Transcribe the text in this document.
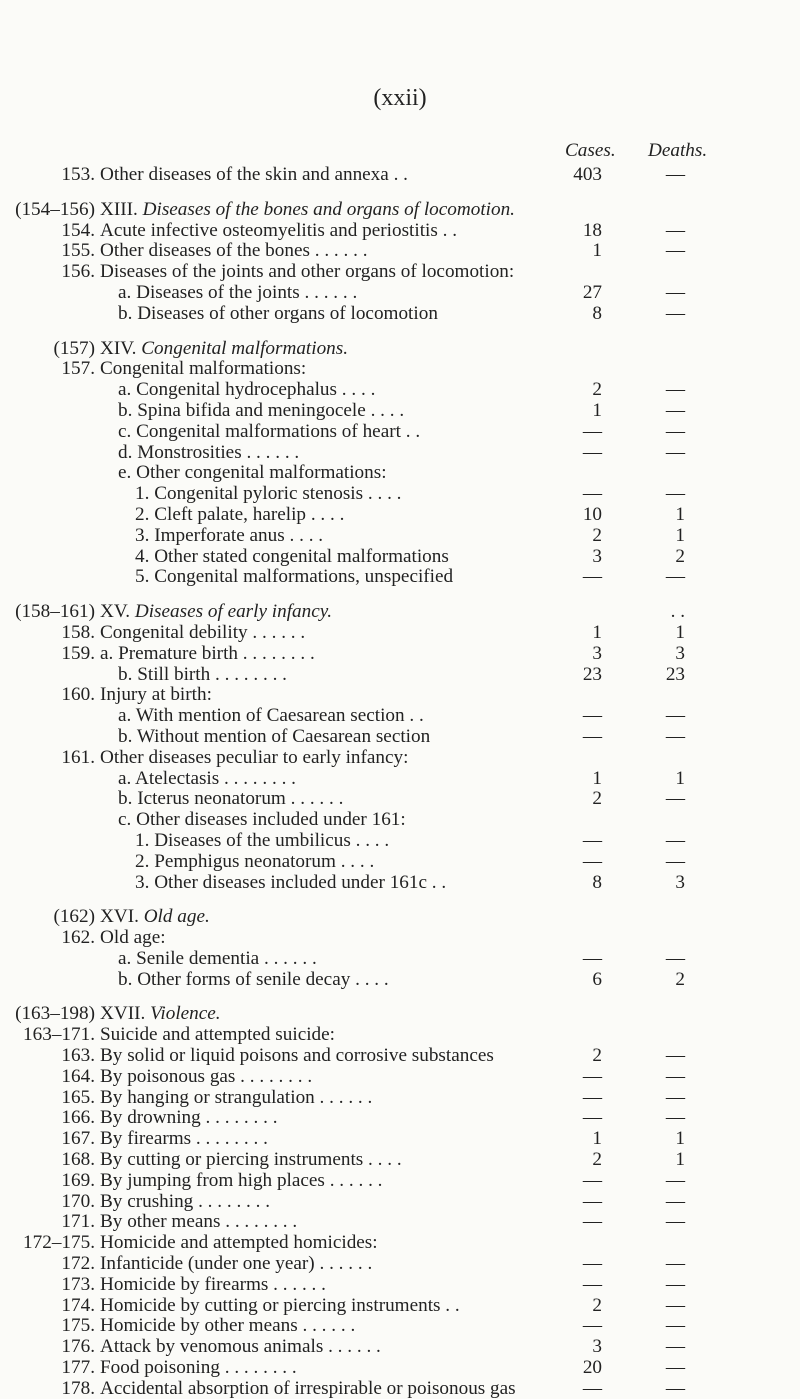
(xxii)
Cases. Deaths.
153. Other diseases of the skin and annexa . .	403	—
(154–156) XIII. Diseases of the bones and organs of locomotion.
154. Acute infective osteomyelitis and periostitis . .	18	—
155. Other diseases of the bones . . . . . .	1	—
156. Diseases of the joints and other organs of locomotion:
a. Diseases of the joints . . . . . .	27	—
b. Diseases of other organs of locomotion	8	—
(157) XIV. Congenital malformations.
157. Congenital malformations:
a. Congenital hydrocephalus . . . .	2	—
b. Spina bifida and meningocele . . . .	1	—
c. Congenital malformations of heart . .	—	—
d. Monstrosities . . . . . .	—	—
e. Other congenital malformations:
1. Congenital pyloric stenosis . . . .	—	—
2. Cleft palate, harelip . . . .	10	1
3. Imperforate anus . . . .	2	1
4. Other stated congenital malformations	3	2
5. Congenital malformations, unspecified	—	—
(158–161) XV. Diseases of early infancy.	. .
158. Congenital debility . . . . . .	1	1
159. a. Premature birth . . . . . . . .	3	3
b. Still birth . . . . . . . .	23	23
160. Injury at birth:
a. With mention of Caesarean section . .	—	—
b. Without mention of Caesarean section	—	—
161. Other diseases peculiar to early infancy:
a. Atelectasis . . . . . . . .	1	1
b. Icterus neonatorum . . . . . .	2	—
c. Other diseases included under 161:
1. Diseases of the umbilicus . . . .	—	—
2. Pemphigus neonatorum . . . .	—	—
3. Other diseases included under 161c . .	8	3
(162) XVI. Old age.
162. Old age:
a. Senile dementia . . . . . .	—	—
b. Other forms of senile decay . . . .	6	2
(163–198) XVII. Violence.
163–171. Suicide and attempted suicide:
163. By solid or liquid poisons and corrosive substances	2	—
164. By poisonous gas . . . . . . . .	—	—
165. By hanging or strangulation . . . . . .	—	—
166. By drowning . . . . . . . .	—	—
167. By firearms . . . . . . . .	1	1
168. By cutting or piercing instruments . . . .	2	1
169. By jumping from high places . . . . . .	—	—
170. By crushing . . . . . . . .	—	—
171. By other means . . . . . . . .	—	—
172–175. Homicide and attempted homicides:
172. Infanticide (under one year) . . . . . .	—	—
173. Homicide by firearms . . . . . .	—	—
174. Homicide by cutting or piercing instruments . .	2	—
175. Homicide by other means . . . . . .	—	—
176. Attack by venomous animals . . . . . .	3	—
177. Food poisoning . . . . . . . .	20	—
178. Accidental absorption of irrespirable or poisonous gas	—	—
